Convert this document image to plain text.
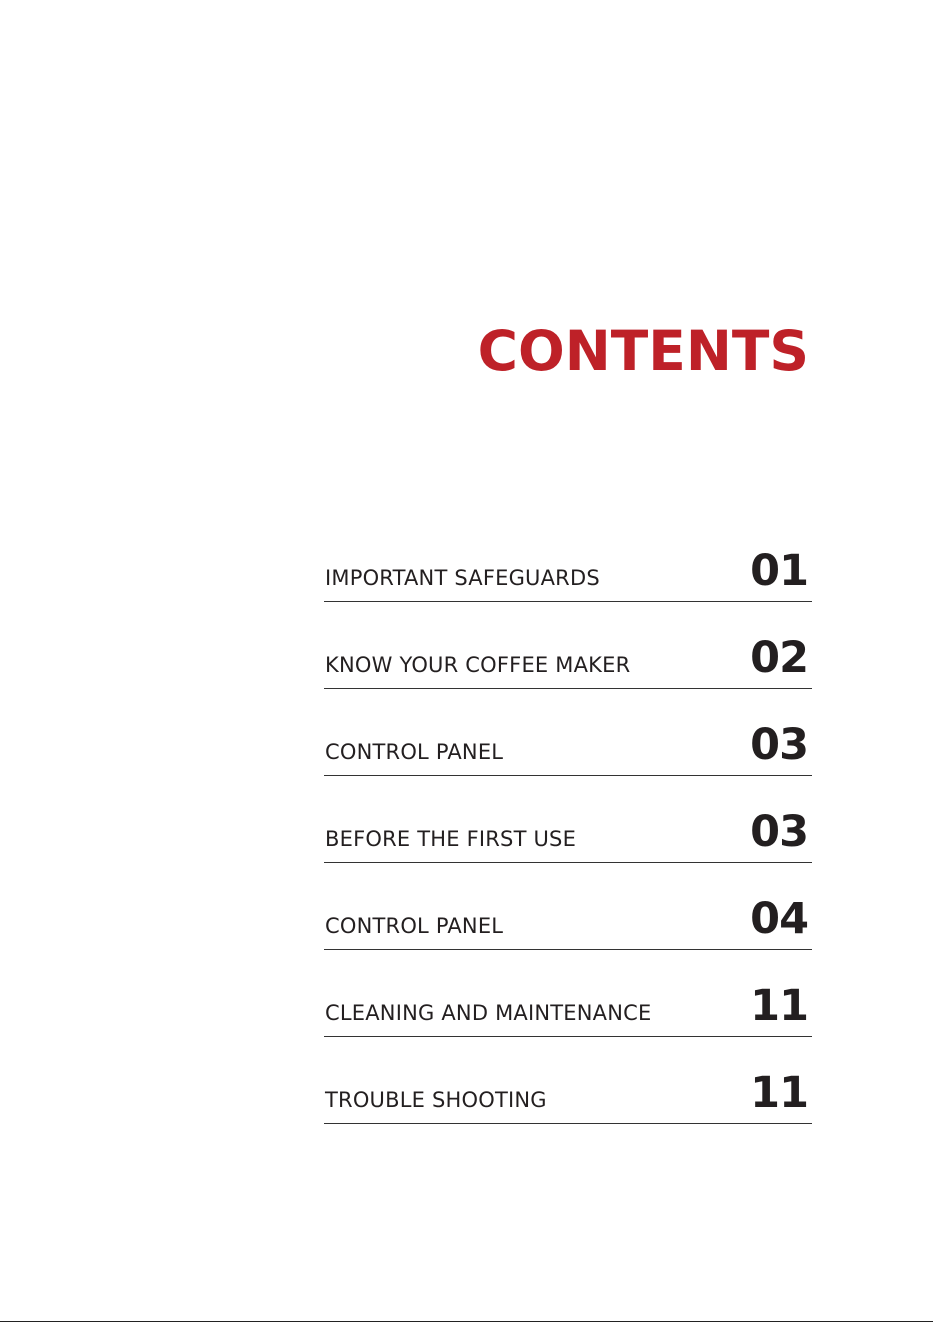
CONTENTS
IMPORTANT SAFEGUARDS	01
KNOW YOUR COFFEE MAKER	02
CONTROL PANEL	03
BEFORE THE FIRST USE	03
CONTROL PANEL	04
CLEANING AND MAINTENANCE 11
TROUBLE SHOOTING	11
